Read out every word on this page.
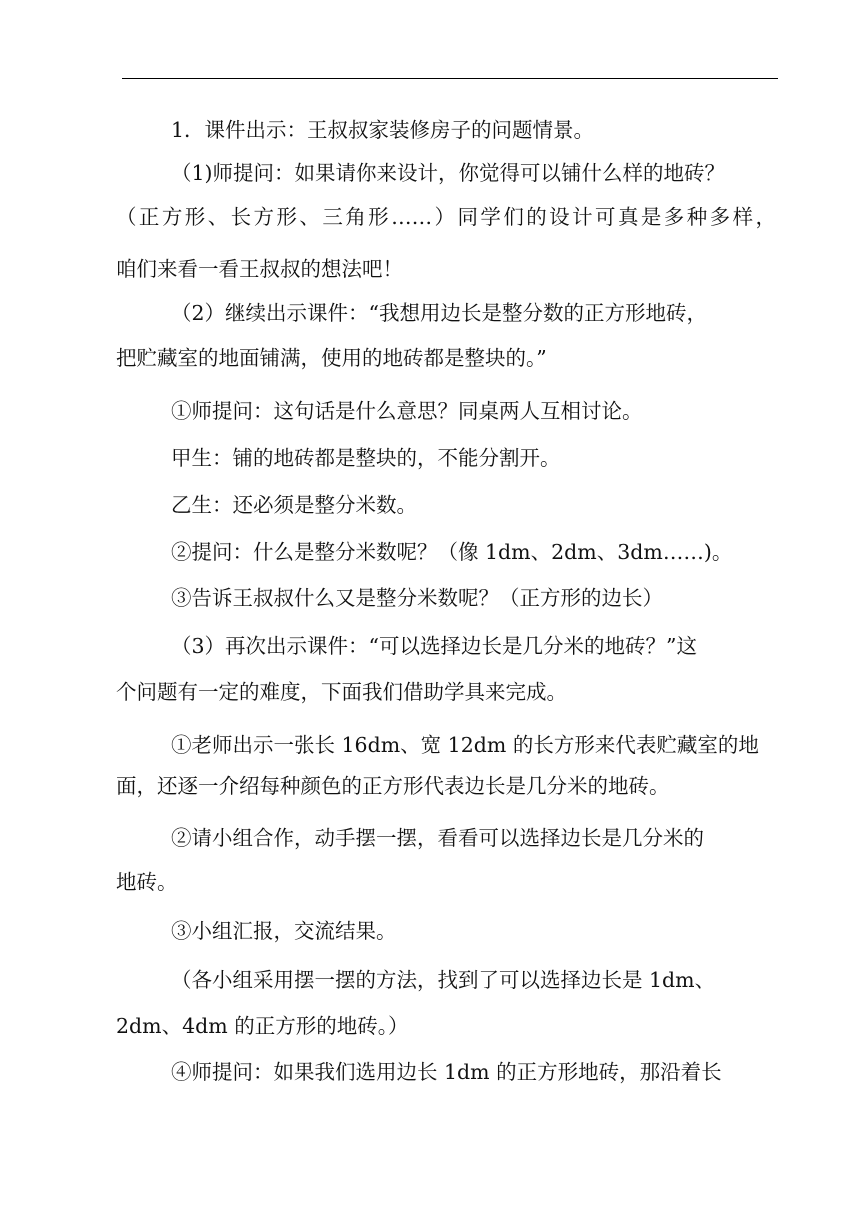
1．课件出示：王叔叔家装修房子的问题情景。
（1)师提问：如果请你来设计，你觉得可以铺什么样的地砖？
（正方形、长方形、三角形……）同学们的设计可真是多种多样，
咱们来看一看王叔叔的想法吧！
（2）继续出示课件：“我想用边长是整分数的正方形地砖，
把贮藏室的地面铺满，使用的地砖都是整块的。”
①师提问：这句话是什么意思？同桌两人互相讨论。
甲生：铺的地砖都是整块的，不能分割开。
乙生：还必须是整分米数。
②提问：什么是整分米数呢？（像 1dm、2dm、3dm……)。
③告诉王叔叔什么又是整分米数呢？（正方形的边长）
（3）再次出示课件：“可以选择边长是几分米的地砖？”这
个问题有一定的难度，下面我们借助学具来完成。
①老师出示一张长 16dm、宽 12dm 的长方形来代表贮藏室的地
面，还逐一介绍每种颜色的正方形代表边长是几分米的地砖。
②请小组合作，动手摆一摆，看看可以选择边长是几分米的
地砖。
③小组汇报，交流结果。
（各小组采用摆一摆的方法，找到了可以选择边长是 1dm、
2dm、4dm 的正方形的地砖。）
④师提问：如果我们选用边长 1dm 的正方形地砖，那沿着长
